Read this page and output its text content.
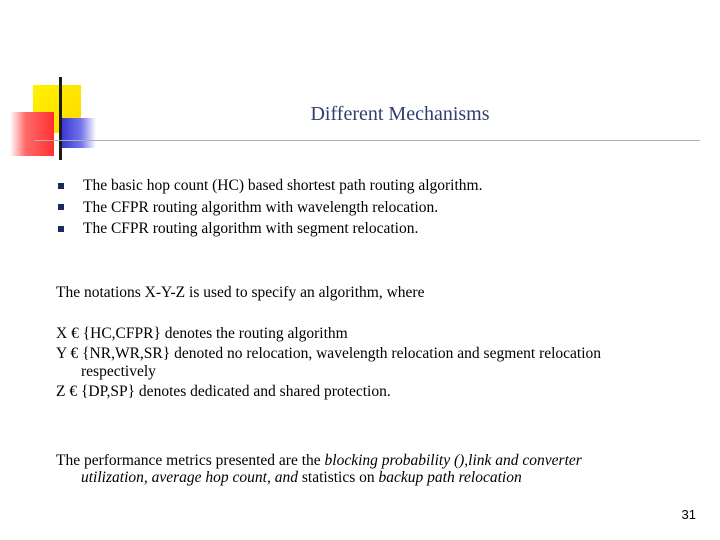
Different Mechanisms
The basic hop count (HC) based shortest path routing algorithm.
The CFPR routing algorithm with wavelength relocation.
The CFPR routing algorithm with segment relocation.

The notations X-Y-Z is used to specify an algorithm, where

X € {HC,CFPR} denotes the routing algorithm
Y € {NR,WR,SR} denoted no relocation, wavelength relocation and segment relocation
respectively
Z € {DP,SP} denotes dedicated and shared protection.
The performance metrics presented are the blocking probability (),link and converter
utilization, average hop count, and statistics on backup path relocation
31
